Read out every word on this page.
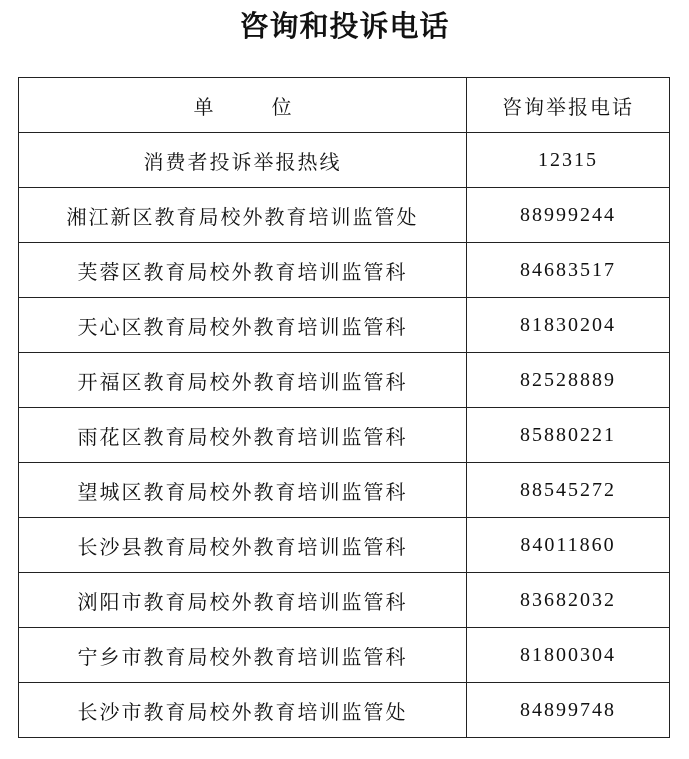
咨询和投诉电话
单 位	咨询举报电话
消费者投诉举报热线	12315
湘江新区教育局校外教育培训监管处	88999244
芙蓉区教育局校外教育培训监管科	84683517
天心区教育局校外教育培训监管科	81830204
开福区教育局校外教育培训监管科	82528889
雨花区教育局校外教育培训监管科	85880221
望城区教育局校外教育培训监管科	88545272
长沙县教育局校外教育培训监管科	84011860
浏阳市教育局校外教育培训监管科	83682032
宁乡市教育局校外教育培训监管科	81800304
长沙市教育局校外教育培训监管处	84899748
